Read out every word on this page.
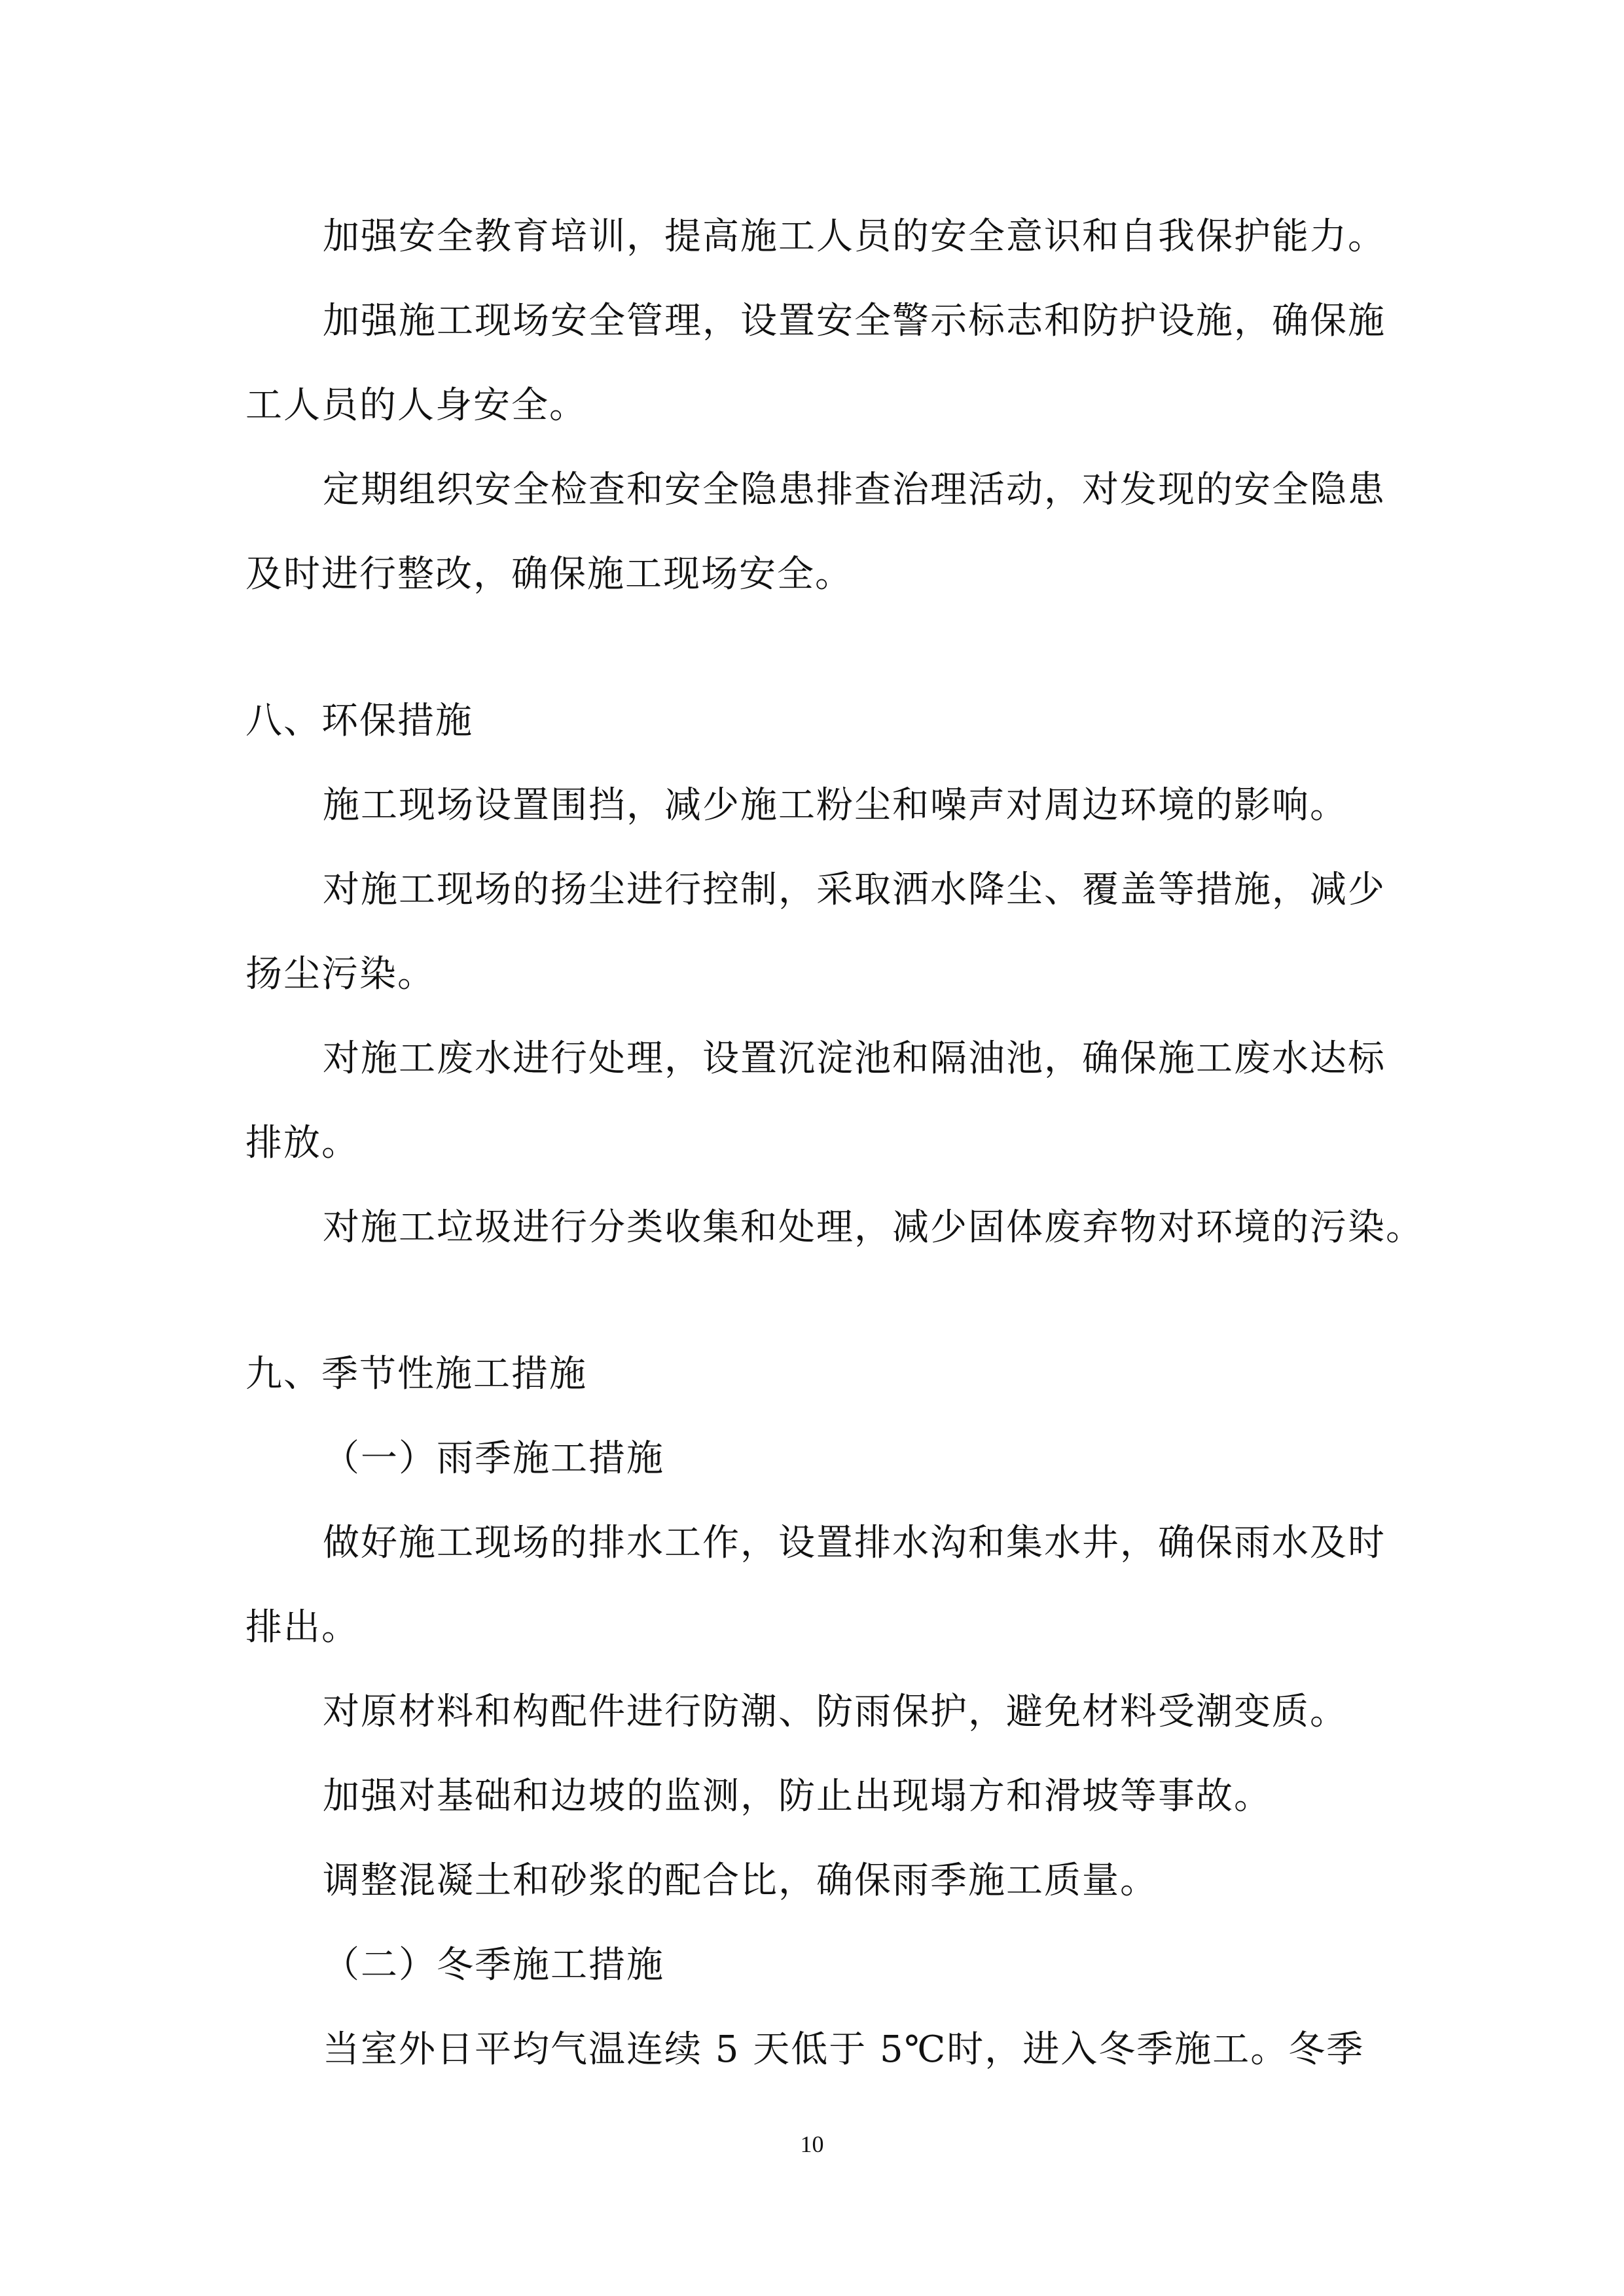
加强安全教育培训，提高施工人员的安全意识和自我保护能力。
加强施工现场安全管理，设置安全警示标志和防护设施，确保施
工人员的人身安全。
定期组织安全检查和安全隐患排查治理活动，对发现的安全隐患
及时进行整改，确保施工现场安全。
八、环保措施
施工现场设置围挡，减少施工粉尘和噪声对周边环境的影响。
对施工现场的扬尘进行控制，采取洒水降尘、覆盖等措施，减少
扬尘污染。
对施工废水进行处理，设置沉淀池和隔油池，确保施工废水达标
排放。
对施工垃圾进行分类收集和处理，减少固体废弃物对环境的污染。
九、季节性施工措施
（一）雨季施工措施
做好施工现场的排水工作，设置排水沟和集水井，确保雨水及时
排出。
对原材料和构配件进行防潮、防雨保护，避免材料受潮变质。
加强对基础和边坡的监测，防止出现塌方和滑坡等事故。
调整混凝土和砂浆的配合比，确保雨季施工质量。
（二）冬季施工措施
当室外日平均气温连续 5 天低于 5℃时，进入冬季施工。冬季
10
